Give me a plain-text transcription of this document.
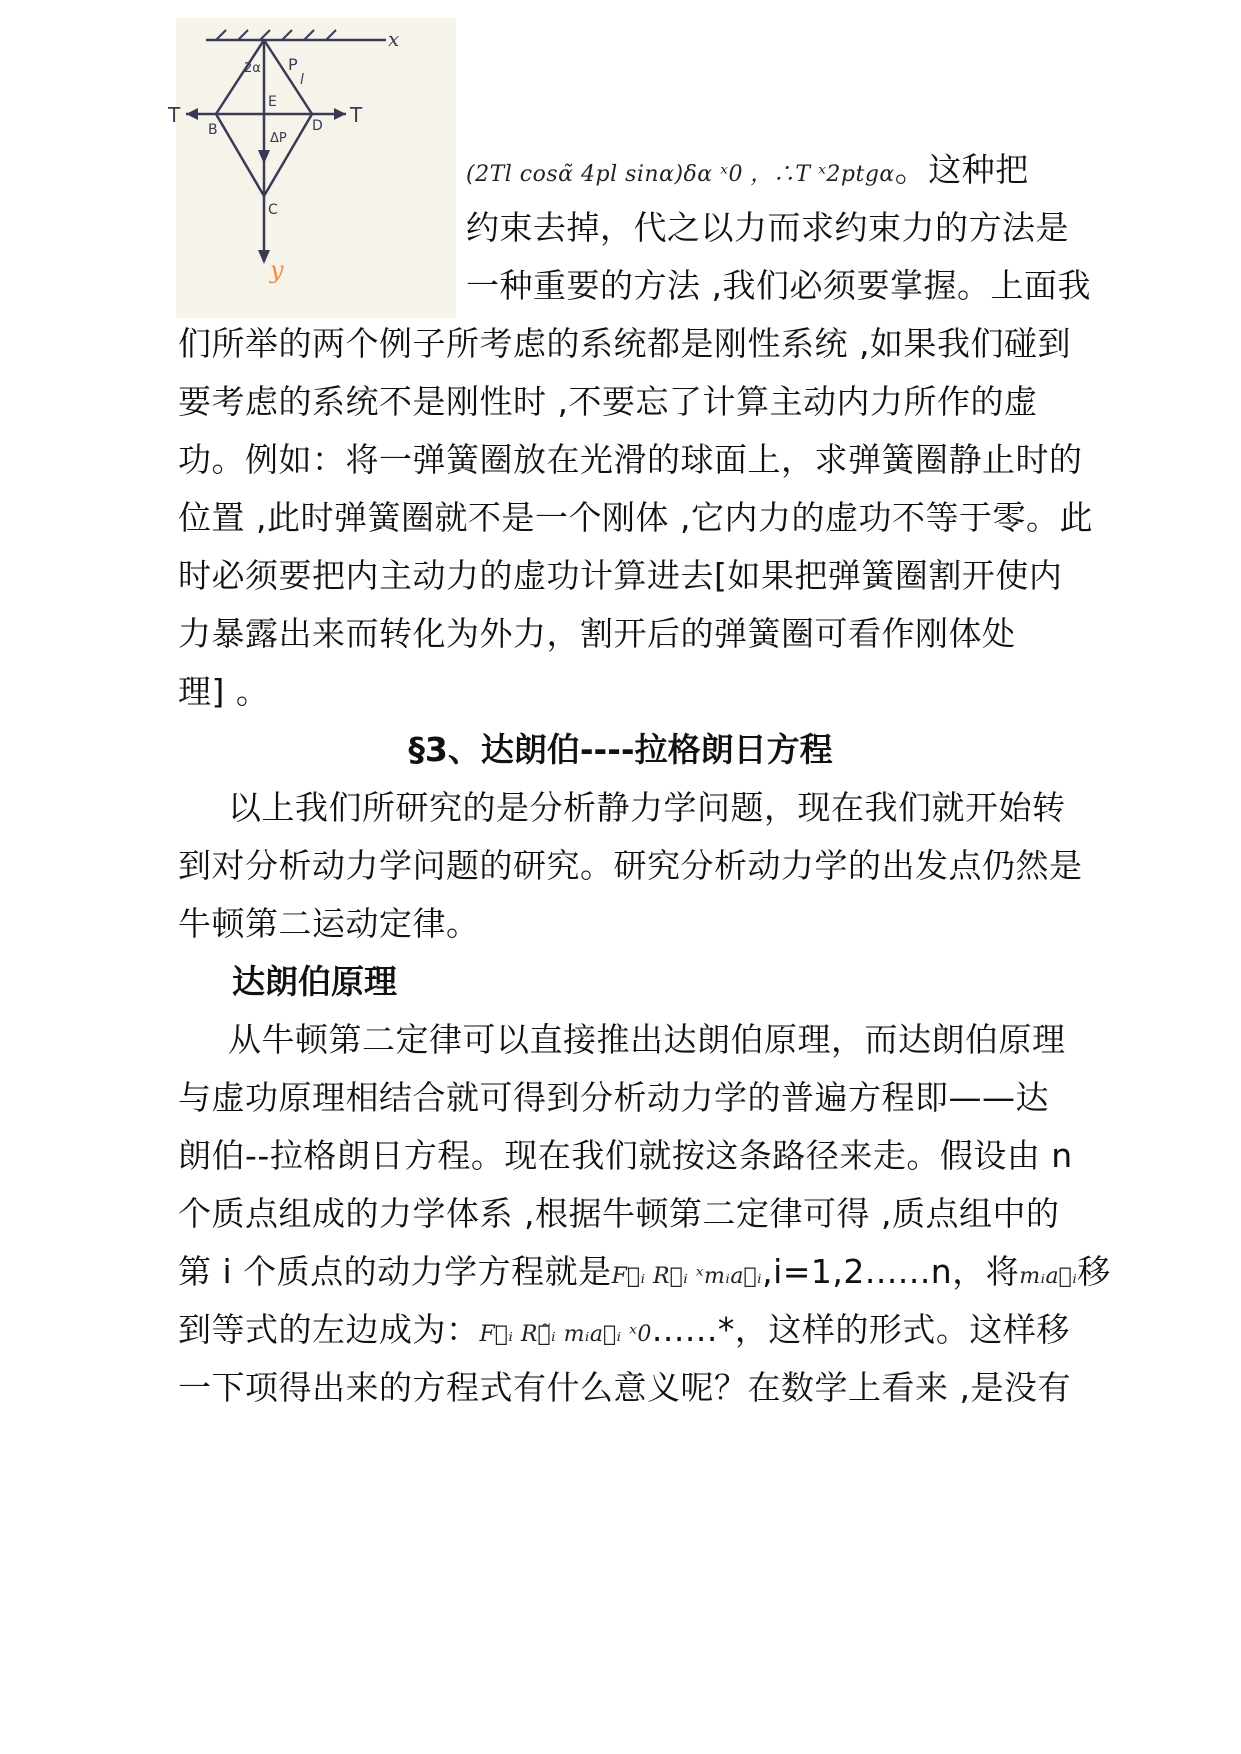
x
T	T
B	D
E
C
P
l
2α
ΔP
y
(2Tl cosα̃ 4pl sinα)δα ˣ0 ，∴T ˣ2ptgα。这种把
约束去掉，代之以力而求约束力的方法是
一种重要的方法 ,我们必须要掌握。上面我
们所举的两个例子所考虑的系统都是刚性系统 ,如果我们碰到
要考虑的系统不是刚性时 ,不要忘了计算主动内力所作的虚
功。例如：将一弹簧圈放在光滑的球面上，求弹簧圈静止时的
位置 ,此时弹簧圈就不是一个刚体 ,它内力的虚功不等于零。此
时必须要把内主动力的虚功计算进去[如果把弹簧圈割开使内
力暴露出来而转化为外力，割开后的弹簧圈可看作刚体处
理] 。
§3、达朗伯----拉格朗日方程
以上我们所研究的是分析静力学问题，现在我们就开始转
到对分析动力学问题的研究。研究分析动力学的出发点仍然是
牛顿第二运动定律。
达朗伯原理
从牛顿第二定律可以直接推出达朗伯原理，而达朗伯原理
与虚功原理相结合就可得到分析动力学的普遍方程即——达
朗伯--拉格朗日方程。现在我们就按这条路径来走。假设由 n
个质点组成的力学体系 ,根据牛顿第二定律可得 ,质点组中的
第 i 个质点的动力学方程就是F⃗ᵢ R⃗ᵢ ˣmᵢa⃗ᵢ,i=1,2......n，将mᵢa⃗ᵢ移
到等式的左边成为：F⃗ᵢ R⃗̃ᵢ mᵢa⃗ᵢ ˣ0......*，这样的形式。这样移
一下项得出来的方程式有什么意义呢？在数学上看来 ,是没有
